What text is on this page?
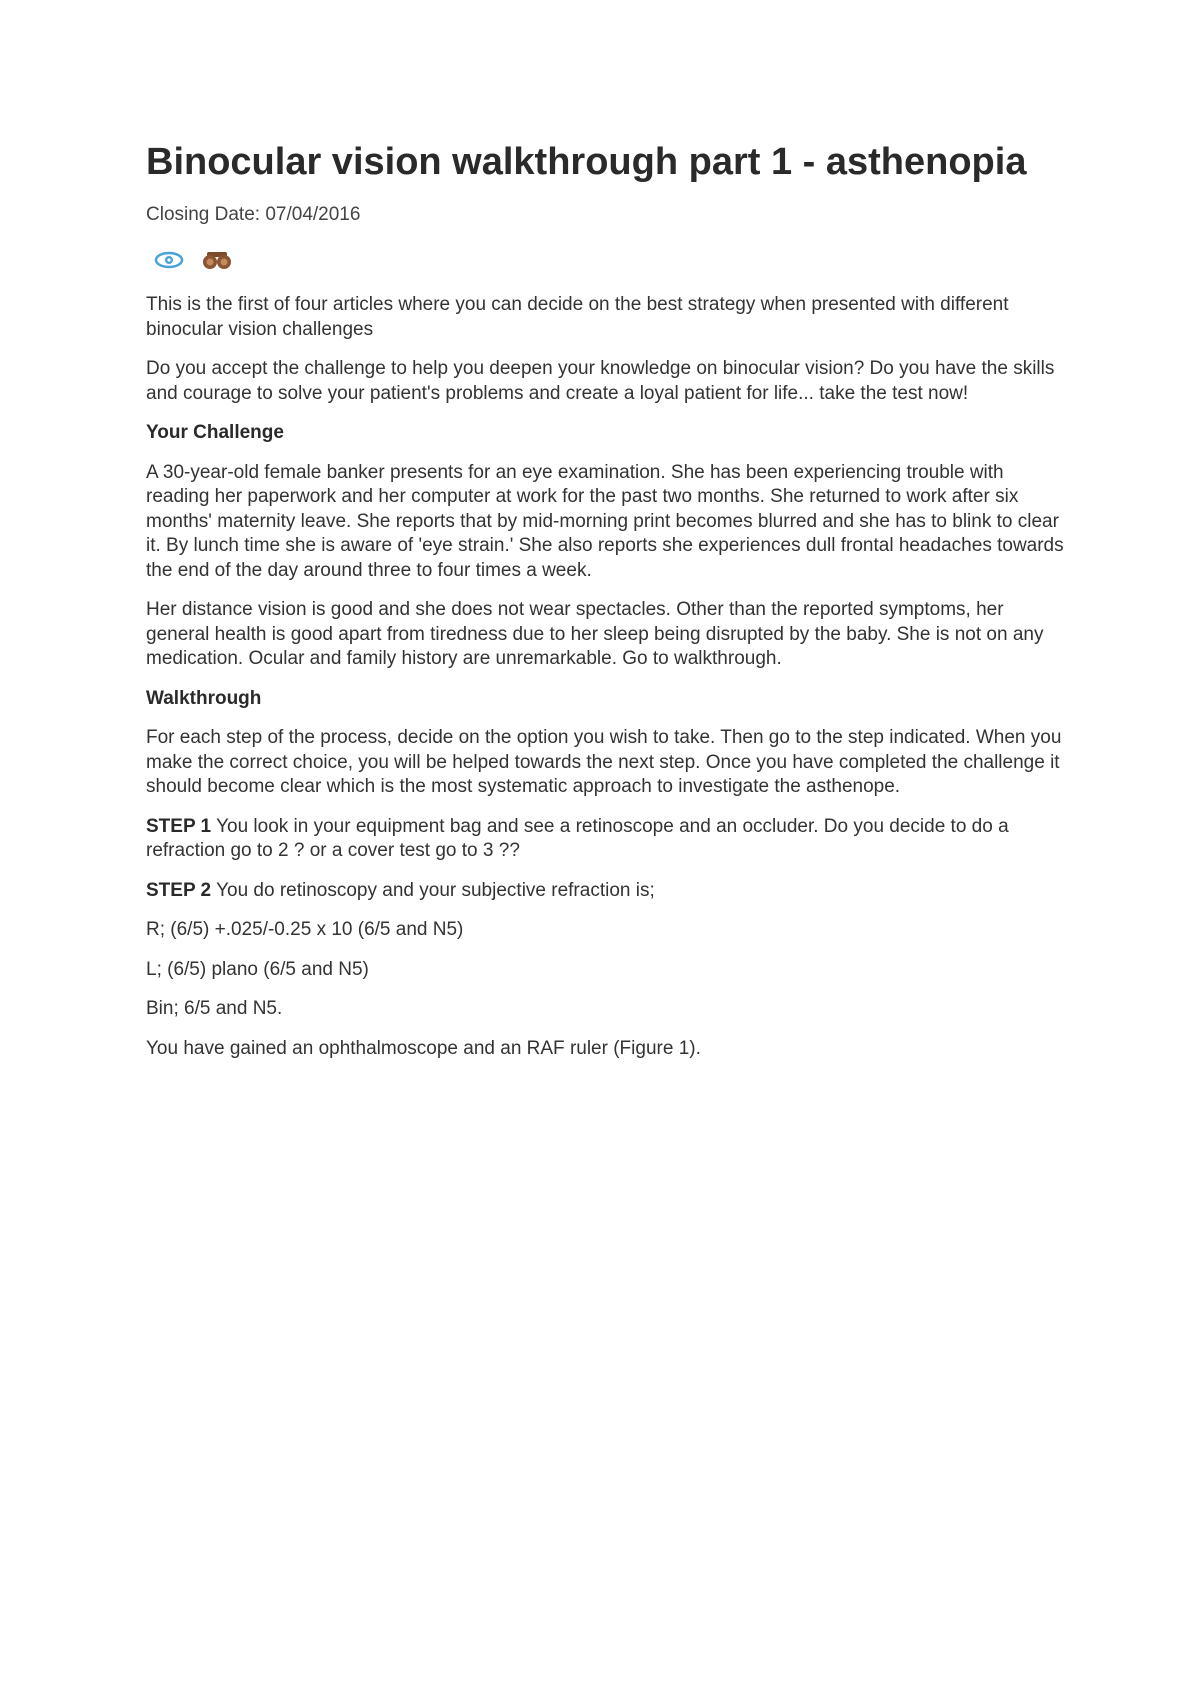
Binocular vision walkthrough part 1 - asthenopia
Closing Date: 07/04/2016

This is the first of four articles where you can decide on the best strategy when presented with different binocular vision challenges

Do you accept the challenge to help you deepen your knowledge on binocular vision? Do you have the skills and courage to solve your patient's problems and create a loyal patient for life... take the test now!

Your Challenge

A 30-year-old female banker presents for an eye examination. She has been experiencing trouble with reading her paperwork and her computer at work for the past two months. She returned to work after six months' maternity leave. She reports that by mid-morning print becomes blurred and she has to blink to clear it. By lunch time she is aware of 'eye strain.' She also reports she experiences dull frontal headaches towards the end of the day around three to four times a week.

Her distance vision is good and she does not wear spectacles. Other than the reported symptoms, her general health is good apart from tiredness due to her sleep being disrupted by the baby. She is not on any medication. Ocular and family history are unremarkable. Go to walkthrough.

Walkthrough

For each step of the process, decide on the option you wish to take. Then go to the step indicated. When you make the correct choice, you will be helped towards the next step. Once you have completed the challenge it should become clear which is the most systematic approach to investigate the asthenope.

STEP 1 You look in your equipment bag and see a retinoscope and an occluder. Do you decide to do a refraction go to 2 ? or a cover test go to 3 ??

STEP 2 You do retinoscopy and your subjective refraction is;

R; (6/5) +.025/-0.25 x 10 (6/5 and N5)

L; (6/5) plano (6/5 and N5)

Bin; 6/5 and N5.

You have gained an ophthalmoscope and an RAF ruler (Figure 1).
